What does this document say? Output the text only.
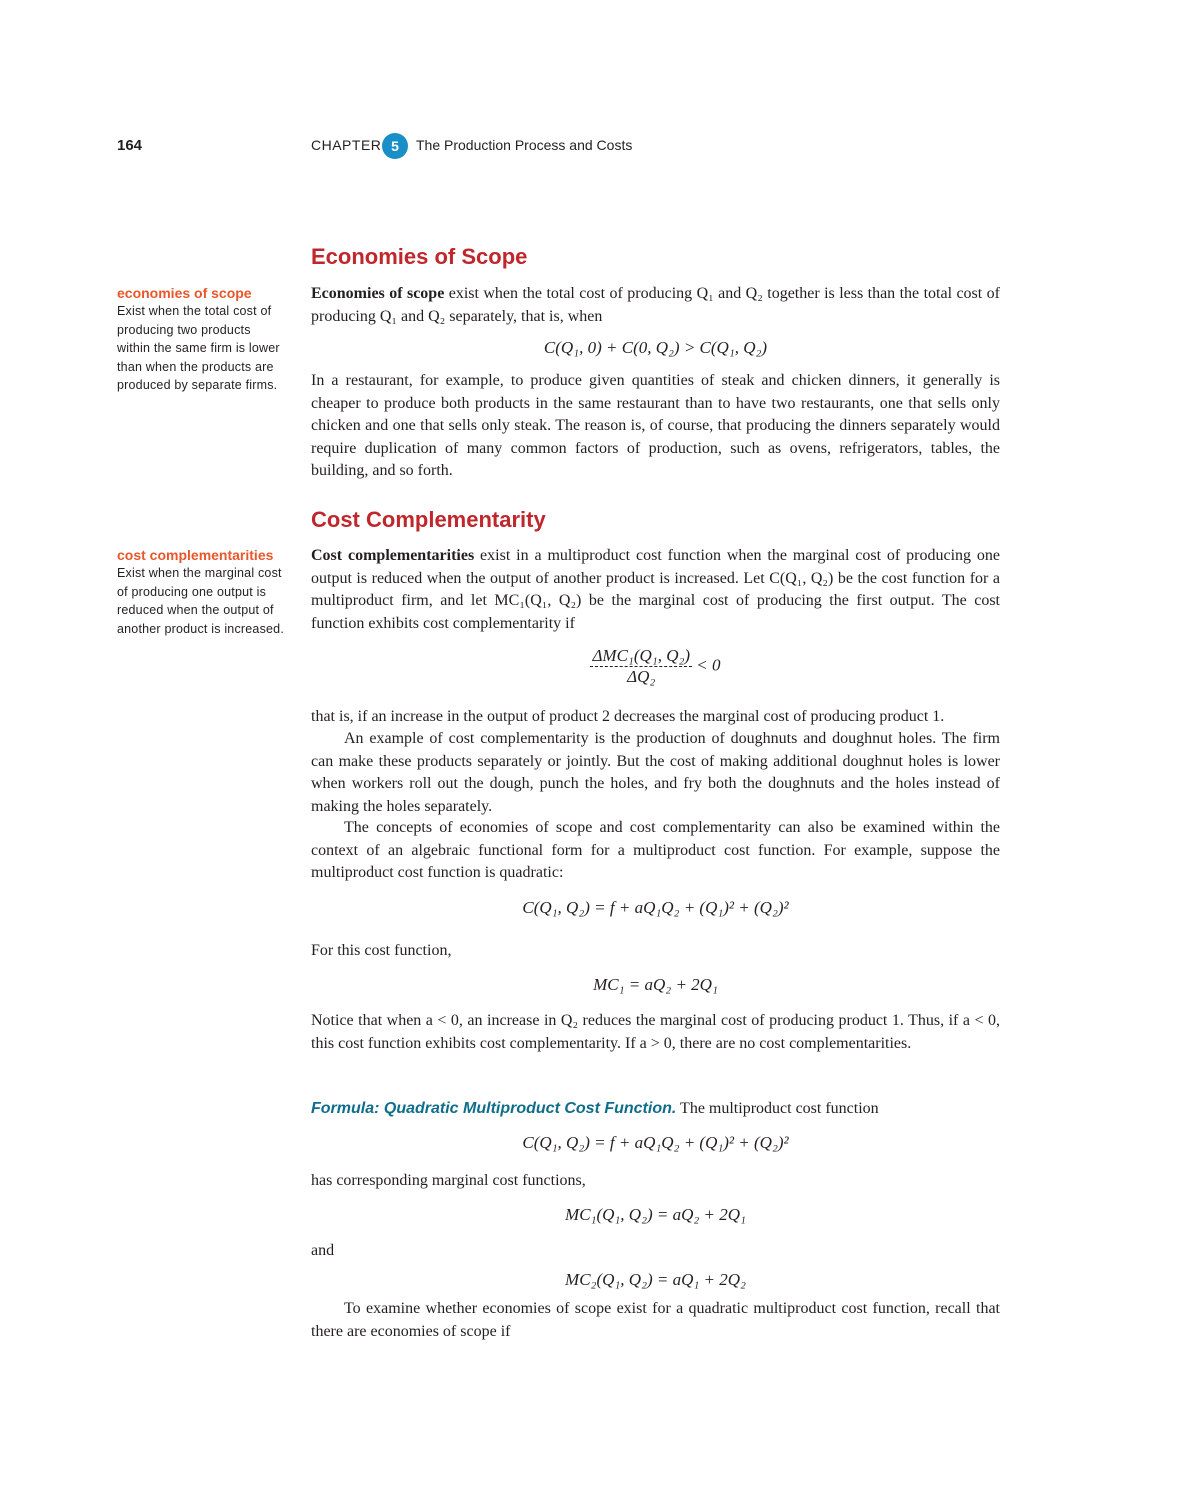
164	CHAPTER 5	The Production Process and Costs
Economies of Scope
economies of scope
Exist when the total cost of producing two products within the same firm is lower than when the products are produced by separate firms.

Economies of scope exist when the total cost of producing Q₁ and Q₂ together is less than the total cost of producing Q₁ and Q₂ separately, that is, when

C(Q₁, 0) + C(0, Q₂) > C(Q₁, Q₂)

In a restaurant, for example, to produce given quantities of steak and chicken dinners, it generally is cheaper to produce both products in the same restaurant than to have two restaurants, one that sells only chicken and one that sells only steak. The reason is, of course, that producing the dinners separately would require duplication of many common factors of production, such as ovens, refrigerators, tables, the building, and so forth.

Cost Complementarity
cost complementarities
Exist when the marginal cost of producing one output is reduced when the output of another product is increased.

Cost complementarities exist in a multiproduct cost function when the marginal cost of producing one output is reduced when the output of another product is increased. Let C(Q₁, Q₂) be the cost function for a multiproduct firm, and let MC₁(Q₁, Q₂) be the marginal cost of producing the first output. The cost function exhibits cost complementarity if

$\frac{\text{ΔMC₁(Q₁, Q₂)}}{\text{ΔQ₂}} < 0$

that is, if an increase in the output of product 2 decreases the marginal cost of producing product 1.

An example of cost complementarity is the production of doughnuts and doughnut holes. The firm can make these products separately or jointly. But the cost of making additional doughnut holes is lower when workers roll out the dough, punch the holes, and fry both the doughnuts and the holes instead of making the holes separately.

The concepts of economies of scope and cost complementarity can also be examined within the context of an algebraic functional form for a multiproduct cost function. For example, suppose the multiproduct cost function is quadratic:

C(Q₁, Q₂) = f + aQ₁Q₂ + (Q₁)² + (Q₂)²

For this cost function,

MC₁ = aQ₂ + 2Q₁

Notice that when a < 0, an increase in Q₂ reduces the marginal cost of producing product 1. Thus, if a < 0, this cost function exhibits cost complementarity. If a > 0, there are no cost complementarities.

Formula: Quadratic Multiproduct Cost Function. The multiproduct cost function

C(Q₁, Q₂) = f + aQ₁Q₂ + (Q₁)² + (Q₂)²

has corresponding marginal cost functions,

MC₁(Q₁, Q₂) = aQ₂ + 2Q₁

and

MC₂(Q₁, Q₂) = aQ₁ + 2Q₂

To examine whether economies of scope exist for a quadratic multiproduct cost function, recall that there are economies of scope if
